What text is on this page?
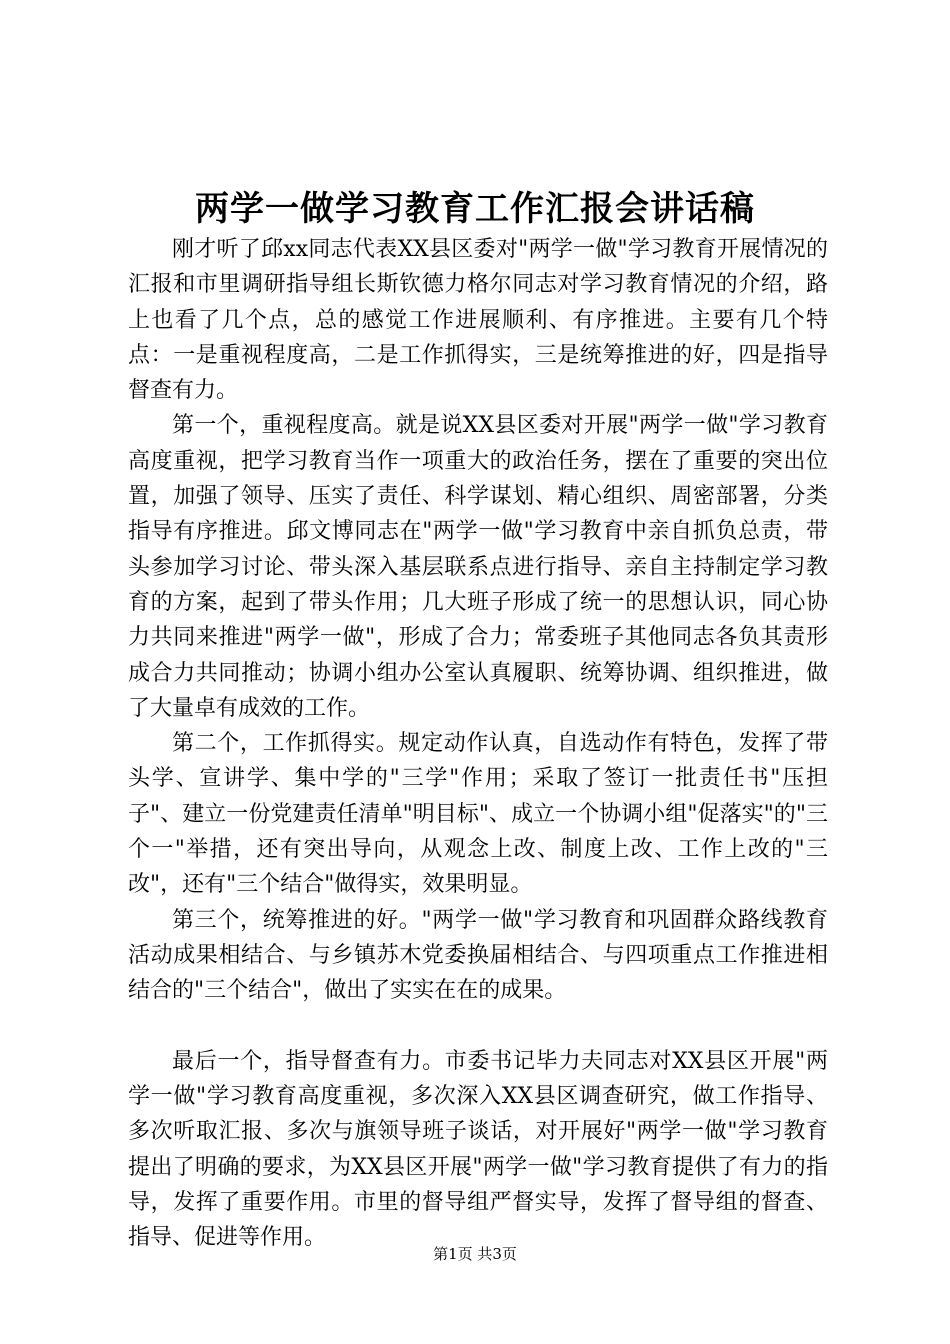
两学一做学习教育工作汇报会讲话稿

刚才听了邱xx同志代表XX县区委对"两学一做"学习教育开展情况的汇报和市里调研指导组长斯钦德力格尔同志对学习教育情况的介绍，路上也看了几个点，总的感觉工作进展顺利、有序推进。主要有几个特点：一是重视程度高，二是工作抓得实，三是统筹推进的好，四是指导督查有力。

第一个，重视程度高。就是说XX县区委对开展"两学一做"学习教育高度重视，把学习教育当作一项重大的政治任务，摆在了重要的突出位置，加强了领导、压实了责任、科学谋划、精心组织、周密部署，分类指导有序推进。邱文博同志在"两学一做"学习教育中亲自抓负总责，带头参加学习讨论、带头深入基层联系点进行指导、亲自主持制定学习教育的方案，起到了带头作用；几大班子形成了统一的思想认识，同心协力共同来推进"两学一做"，形成了合力；常委班子其他同志各负其责形成合力共同推动；协调小组办公室认真履职、统筹协调、组织推进，做了大量卓有成效的工作。

第二个，工作抓得实。规定动作认真，自选动作有特色，发挥了带头学、宣讲学、集中学的"三学"作用；采取了签订一批责任书"压担子"、建立一份党建责任清单"明目标"、成立一个协调小组"促落实"的"三个一"举措，还有突出导向，从观念上改、制度上改、工作上改的"三改"，还有"三个结合"做得实，效果明显。

第三个，统筹推进的好。"两学一做"学习教育和巩固群众路线教育活动成果相结合、与乡镇苏木党委换届相结合、与四项重点工作推进相结合的"三个结合"，做出了实实在在的成果。

最后一个，指导督查有力。市委书记毕力夫同志对XX县区开展"两学一做"学习教育高度重视，多次深入XX县区调查研究，做工作指导、多次听取汇报、多次与旗领导班子谈话，对开展好"两学一做"学习教育提出了明确的要求，为XX县区开展"两学一做"学习教育提供了有力的指导，发挥了重要作用。市里的督导组严督实导，发挥了督导组的督查、指导、促进等作用。

第1页 共3页
